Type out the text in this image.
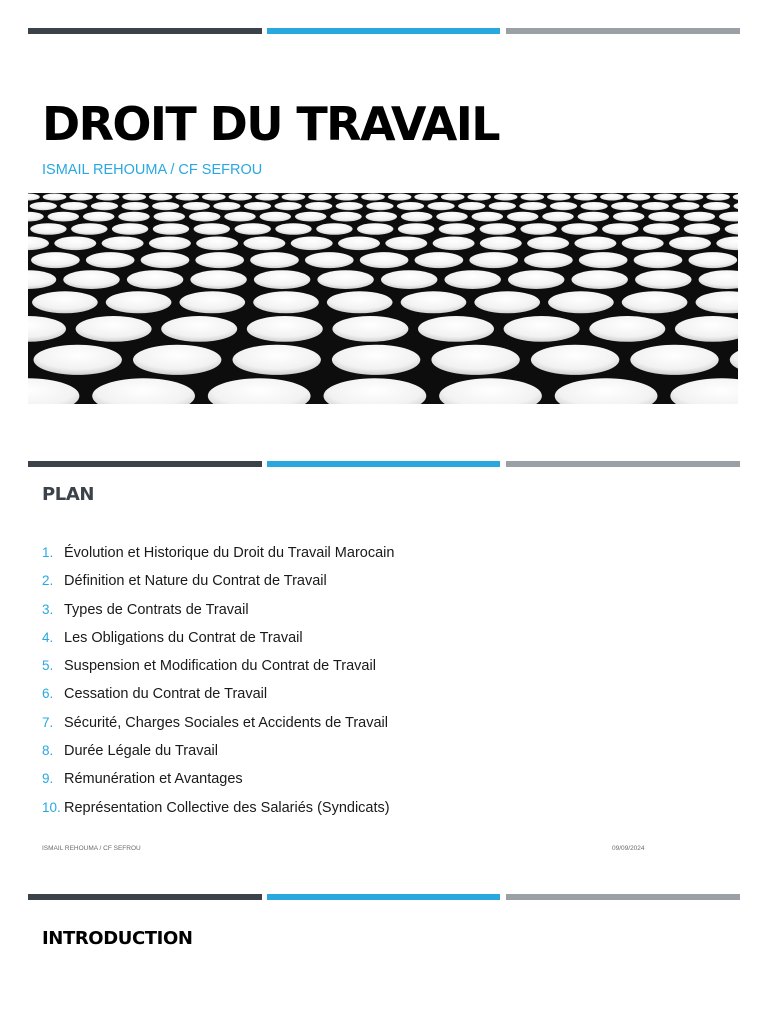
DROIT DU TRAVAIL
ISMAIL REHOUMA / CF SEFROU
PLAN
1. Évolution et Historique du Droit du Travail Marocain
2. Définition et Nature du Contrat de Travail
3. Types de Contrats de Travail
4. Les Obligations du Contrat de Travail
5. Suspension et Modification du Contrat de Travail
6. Cessation du Contrat de Travail
7. Sécurité, Charges Sociales et Accidents de Travail
8. Durée Légale du Travail
9. Rémunération et Avantages
10. Représentation Collective des Salariés (Syndicats)
ISMAIL REHOUMA / CF SEFROU	09/09/2024
INTRODUCTION
